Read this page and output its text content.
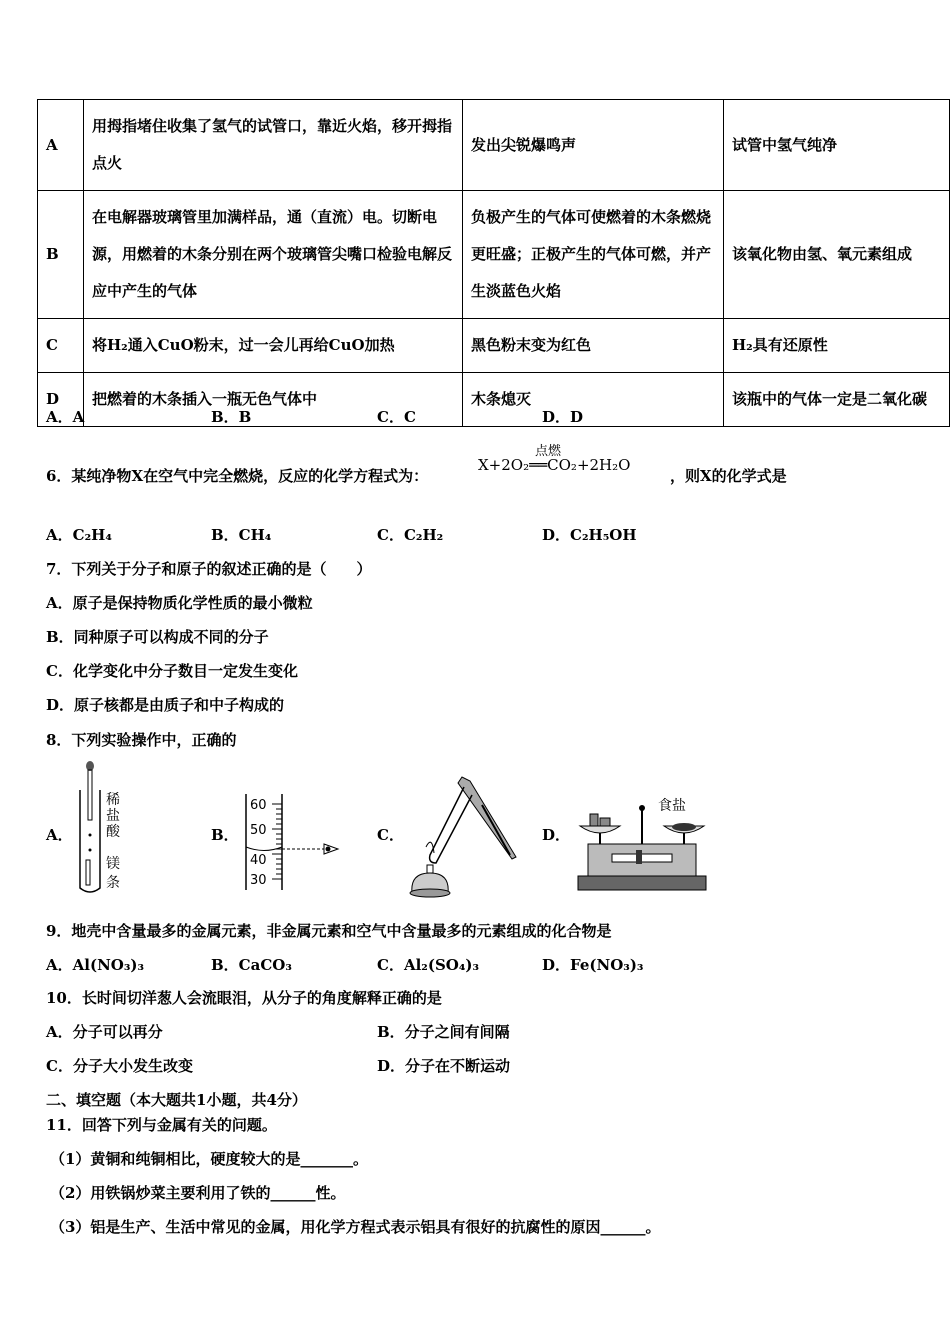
A	用拇指堵住收集了氢气的试管口，靠近火焰，移开拇指点火	发出尖锐爆鸣声	试管中氢气纯净
B	在电解器玻璃管里加满样品，通（直流）电。切断电源，用燃着的木条分别在两个玻璃管尖嘴口检验电解反应中产生的气体	负极产生的气体可使燃着的木条燃烧更旺盛；正极产生的气体可燃，并产生淡蓝色火焰	该氧化物由氢、氧元素组成
C	将H₂通入CuO粉末，过一会儿再给CuO加热	黑色粉末变为红色	H₂具有还原性
D	把燃着的木条插入一瓶无色气体中	木条熄灭	该瓶中的气体一定是二氧化碳
A．A	B．B	C．C	D．D
6．某纯净物X在空气中完全燃烧，反应的化学方程式为：
点燃
X+2O₂══CO₂+2H₂O
，则X的化学式是
A．C₂H₄	B．CH₄	C．C₂H₂	D．C₂H₅OH
7．下列关于分子和原子的叙述正确的是（　　）
A．原子是保持物质化学性质的最小微粒
B．同种原子可以构成不同的分子
C．化学变化中分子数目一定发生变化
D．原子核都是由质子和中子构成的
8．下列实验操作中，正确的
A．	B．	C．	D．
稀
盐
酸
镁
条
60
50
40
30
食盐
9．地壳中含量最多的金属元素，非金属元素和空气中含量最多的元素组成的化合物是
A．Al(NO₃)₃	B．CaCO₃	C．Al₂(SO₄)₃	D．Fe(NO₃)₃
10．长时间切洋葱人会流眼泪，从分子的角度解释正确的是
A．分子可以再分	B．分子之间有间隔
C．分子大小发生改变	D．分子在不断运动
二、填空题（本大题共1小题，共4分）
11．回答下列与金属有关的问题。
（1）黄铜和纯铜相比，硬度较大的是_______。
（2）用铁锅炒菜主要利用了铁的______性。
（3）铝是生产、生活中常见的金属，用化学方程式表示铝具有很好的抗腐性的原因______。
